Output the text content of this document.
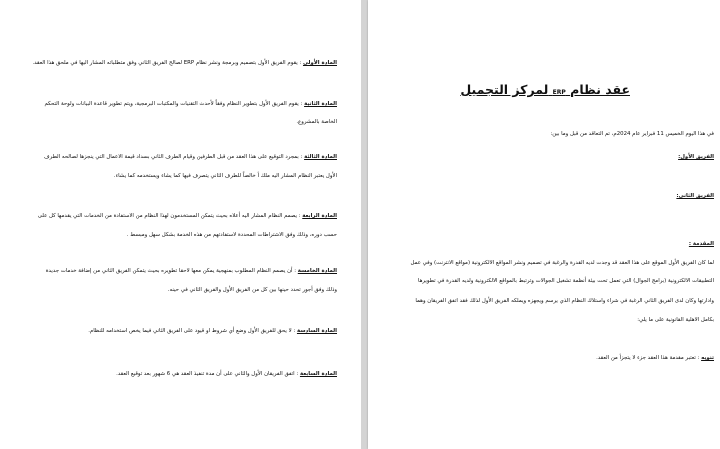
المادة الأولى : يقوم الفريق الأول بتصميم وبرمجة ونشر نظام ERP لصالح الفريق الثاني وفق متطلباته المشار اليها في ملحق هذا العقد.
المادة الثانية : يقوم الفريق الأول بتطوير النظام وفقاً لأحدث التقنيات والمكتبات البرمجية، ويتم تطوير قاعدة البيانات ولوحة التحكم
الخاصة بالمشروع.
المادة الثالثة : بمجرد التوقيع على هذا العقد من قبل الطرفين وقيام الطرف الثاني بسداد قيمة الاعمال التي ينجزها لصالحه الطرف
الأول يعتبر النظام المشار اليه ملك أ خالصاً للطرف الثاني يتصرف فيها كما يشاء ويستخدمه كما يشاء.
المادة الرابعة : يصمم النظام المشار اليه أعلاه بحيث يتمكن المستخدمون لهذا النظام من الاستفادة من الخدمات التي يقدمها كل على
حسب دوره، وذلك وفق الاشتراطات المحددة لاستفادتهم من هذه الخدمة بشكل سهل ومبسط .
المادة الخامسة : أن يصمم النظام المطلوب بمنهجية يمكن معها لاحقا تطويره بحيث يتمكن الفريق الثاني من إضافة خدمات جديدة
وذلك وفق أجور تحدد حينها بين كل من الفريق الأول والفريق الثاني في حينه.
المادة السادسة : لا يحق للفريق الأول وضع أي شروط او قيود على الفريق الثاني فيما يخص استخدامه للنظام.
المادة السابعة : اتفق الفريقان الأول والثاني على أن مدة تنفيذ العقد هي 6 شهور بعد توقيع العقد.
عقد نظام ERP لمركز التجميل
في هذا اليوم الخميس 11 فبراير عام 2024م، تم التعاقد من قبل وما بين:
الفريق الأول:
الفريق الثاني:
المقدمة :
لما كان الفريق الأول الموقع على هذا العقد قد وجدت لديه القدرة والرغبة في تصميم ونشر المواقع الالكترونية (مواقع الانترنت) وفي عمل
التطبيقات الالكترونية (برامج الجوال) التي تعمل تحت بيئة أنظمة تشغيل الجوالات وترتبط بالمواقع الالكترونية ولديه القدرة في تطويرها
وادارتها وكان لدى الفريق الثاني الرغبة في شراء واستلاك النظام الذي يرسم ويجهزه ويملكه الفريق الأول لذلك فقد اتفق الفريقان وهما
بكامل الاهلية القانونية على ما يلي:
تنويه : تعتبر مقدمة هذا العقد جزء لا يتجزأ من العقد.
